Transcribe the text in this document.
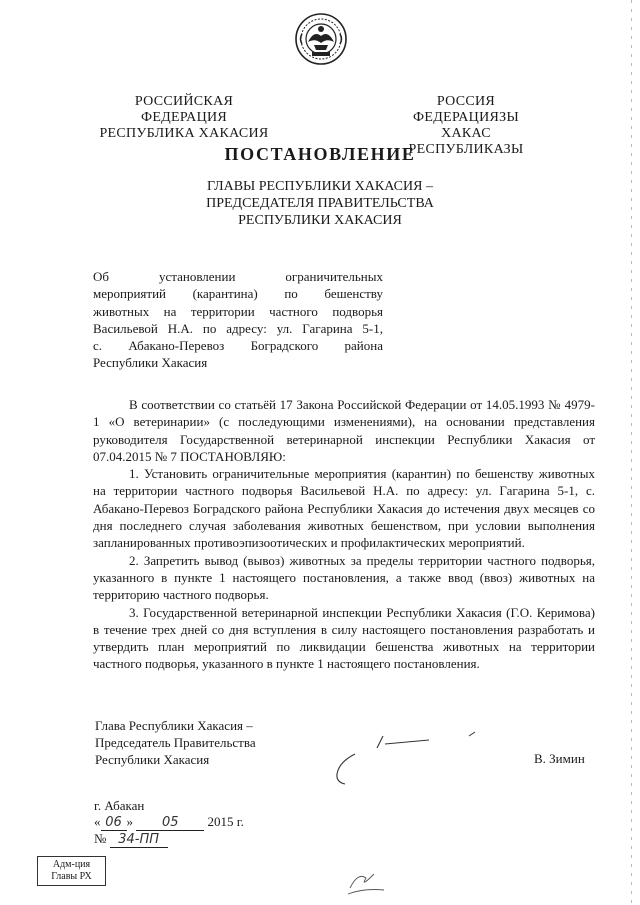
РОССИЙСКАЯ ФЕДЕРАЦИЯ
РЕСПУБЛИКА ХАКАСИЯ
РОССИЯ ФЕДЕРАЦИЯЗЫ
ХАКАС РЕСПУБЛИКАЗЫ
ПОСТАНОВЛЕНИЕ
ГЛАВЫ РЕСПУБЛИКИ ХАКАСИЯ –
ПРЕДСЕДАТЕЛЯ ПРАВИТЕЛЬСТВА
РЕСПУБЛИКИ ХАКАСИЯ
Об установлении ограничительных
мероприятий (карантина) по бешенству
животных на территории частного подворья
Васильевой Н.А. по адресу: ул. Гагарина 5-1,
с. Абакано-Перевоз Боградского района
Республики Хакасия

В соответствии со статьёй 17 Закона Российской Федерации от 14.05.1993 № 4979-1 «О ветеринарии» (с последующими изменениями), на основании представления руководителя Государственной ветеринарной инспекции Республики Хакасия от 07.04.2015 № 7 ПОСТАНОВЛЯЮ:

1. Установить ограничительные мероприятия (карантин) по бешенству животных на территории частного подворья Васильевой Н.А. по адресу: ул. Гагарина 5-1, с. Абакано-Перевоз Боградского района Республики Хакасия до истечения двух месяцев со дня последнего случая заболевания животных бешенством, при условии выполнения запланированных противоэпизоотических и профилактических мероприятий.

2. Запретить вывод (вывоз) животных за пределы территории частного подворья, указанного в пункте 1 настоящего постановления, а также ввод (ввоз) животных на территорию частного подворья.

3. Государственной ветеринарной инспекции Республики Хакасия (Г.О. Керимова) в течение трех дней со дня вступления в силу настоящего постановления разработать и утвердить план мероприятий по ликвидации бешенства животных на территории частного подворья, указанного в пункте 1 настоящего постановления.

Глава Республики Хакасия –
Председатель Правительства
Республики Хакасия	В. Зимин
г. Абакан
« 06 » 05 2015 г.
№ 34-ПП
Адм-ция
Главы РХ
